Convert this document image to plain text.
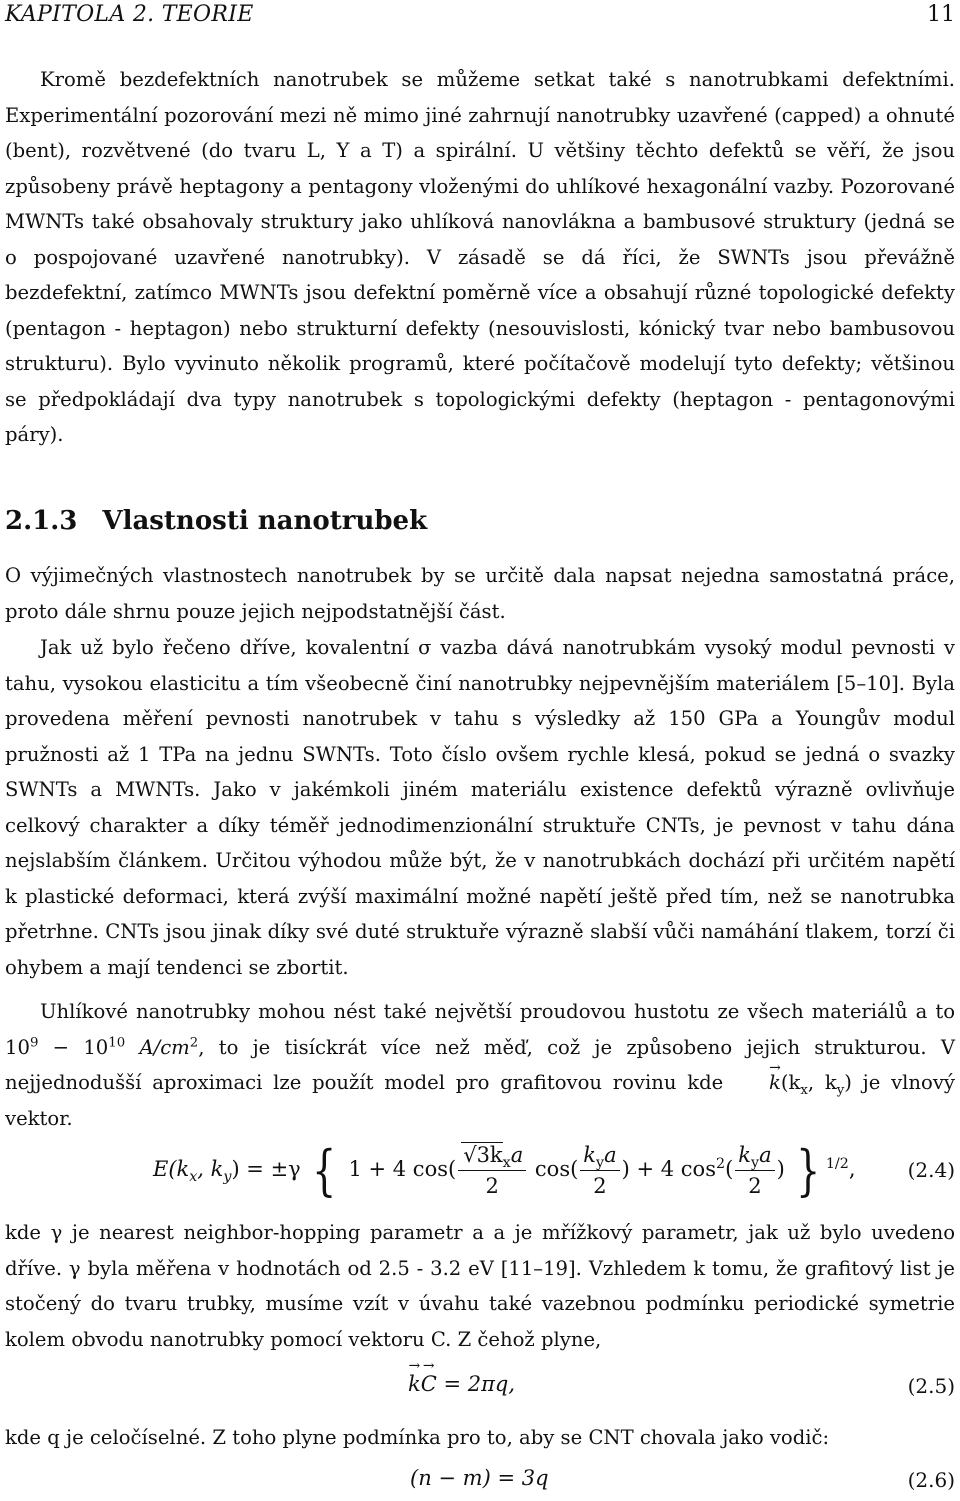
KAPITOLA 2. TEORIE	11

Kromě bezdefektních nanotrubek se můžeme setkat také s nanotrubkami defektními. Experimentální pozorování mezi ně mimo jiné zahrnují nanotrubky uzavřené (capped) a ohnuté (bent), rozvětvené (do tvaru L, Y a T) a spirální. U většiny těchto defektů se věří, že jsou způsobeny právě heptagony a pentagony vloženými do uhlíkové hexagonální vazby. Pozorované MWNTs také obsahovaly struktury jako uhlíková nanovlákna a bambusové struktury (jedná se o pospojované uzavřené nanotrubky). V zásadě se dá říci, že SWNTs jsou převážně bezdefektní, zatímco MWNTs jsou defektní poměrně více a obsahují různé topologické defekty (pentagon - heptagon) nebo strukturní defekty (nesouvislosti, kónický tvar nebo bambusovou strukturu). Bylo vyvinuto několik programů, které počítačově modelují tyto defekty; většinou se předpokládají dva typy nanotrubek s topologickými defekty (heptagon - pentagonovými páry).

2.1.3 Vlastnosti nanotrubek

O výjimečných vlastnostech nanotrubek by se určitě dala napsat nejedna samostatná práce, proto dále shrnu pouze jejich nejpodstatnější část.

Jak už bylo řečeno dříve, kovalentní σ vazba dává nanotrubkám vysoký modul pevnosti v tahu, vysokou elasticitu a tím všeobecně činí nanotrubky nejpevnějším materiálem [5–10]. Byla provedena měření pevnosti nanotrubek v tahu s výsledky až 150 GPa a Youngův modul pružnosti až 1 TPa na jednu SWNTs. Toto číslo ovšem rychle klesá, pokud se jedná o svazky SWNTs a MWNTs. Jako v jakémkoli jiném materiálu existence defektů výrazně ovlivňuje celkový charakter a díky téměř jednodimenzionální struktuře CNTs, je pevnost v tahu dána nejslabším článkem. Určitou výhodou může být, že v nanotrubkách dochází při určitém napětí k plastické deformaci, která zvýší maximální možné napětí ještě před tím, než se nanotrubka přetrhne. CNTs jsou jinak díky své duté struktuře výrazně slabší vůči namáhání tlakem, torzí či ohybem a mají tendenci se zbortit.

Uhlíkové nanotrubky mohou nést také největší proudovou hustotu ze všech materiálů a to $10^9 - 10^{10}$ $A/cm^2$, to je tisíckrát více než měď, což je způsobeno jejich strukturou. V nejjednodušší aproximaci lze použít model pro grafitovou rovinu kde → $k(k_x$, $k_y$) je vlnový vektor.

$E(k_x$, $k_y) = \pm\gamma$ { 1 + 4 $\cos( \frac{√3k_xa}{2} \cos( \frac{k_ya}{2}$ ) + 4 $\cos^2( \frac{k_ya}{2}$ ) } $^{1/2}$,	(2.4)

kde γ je nearest neighbor-hopping parametr a a je mřížkový parametr, jak už bylo uvedeno dříve. γ byla měřena v hodnotách od 2.5 - 3.2 eV [11–19]. Vzhledem k tomu, že grafitový list je stočený do tvaru trubky, musíme vzít v úvahu také vazebnou podmínku periodické symetrie kolem obvodu nanotrubky pomocí vektoru C. Z čehož plyne,

→ k→ C = 2πq,	(2.5)

kde q je celočíselné. Z toho plyne podmínka pro to, aby se CNT chovala jako vodič:

(n − m) = 3q	(2.6)
